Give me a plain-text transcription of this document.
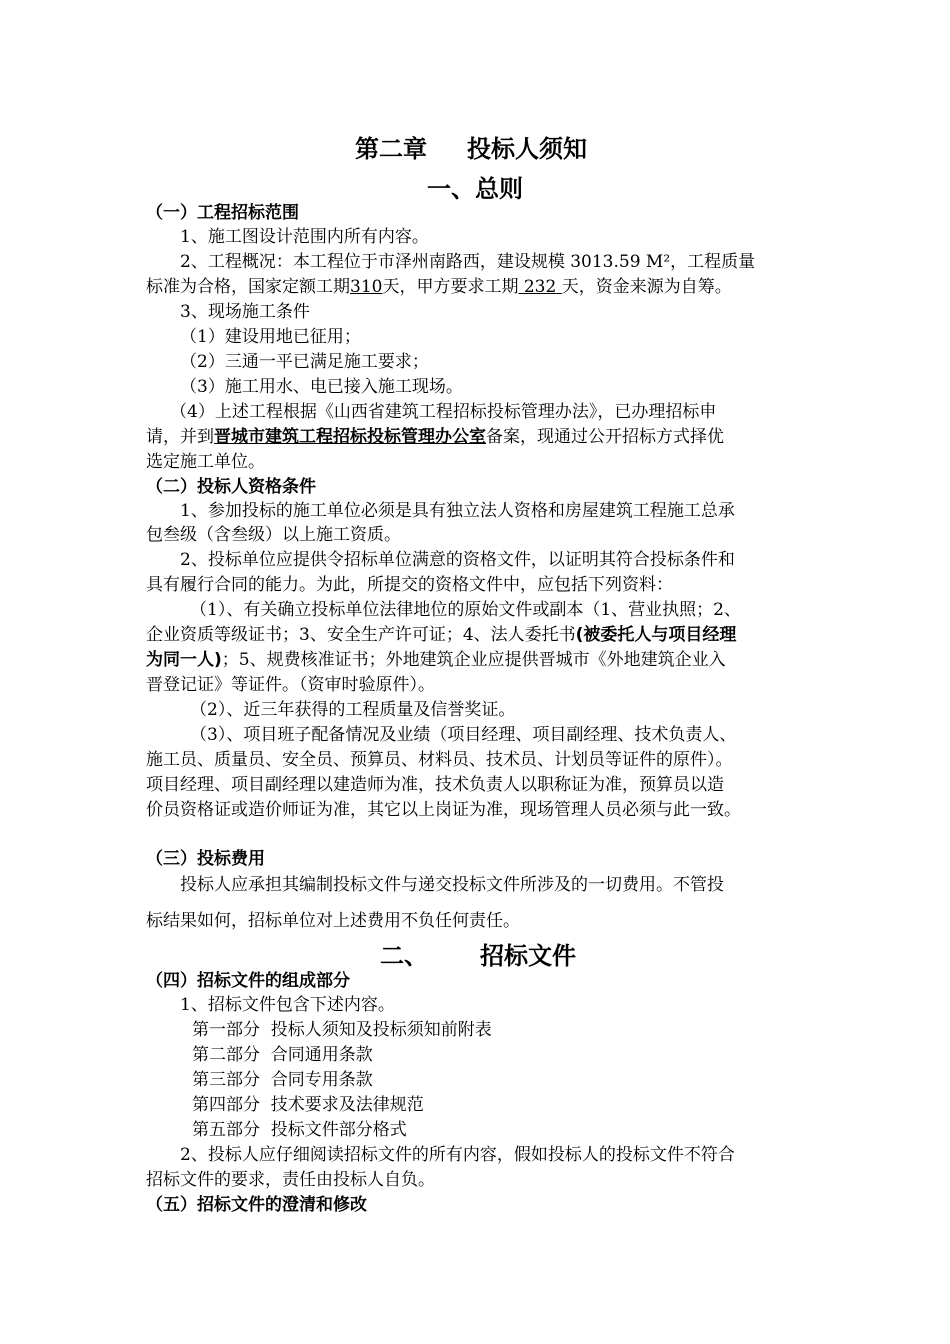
第二章 投标人须知
一、总则
（一）工程招标范围
1、施工图设计范围内所有内容。
2、工程概况：本工程位于市泽州南路西，建设规模 3013.59 M²，工程质量
标准为合格，国家定额工期310天，甲方要求工期 232 天，资金来源为自筹。
3、现场施工条件
（1）建设用地已征用；
（2）三通一平已满足施工要求；
（3）施工用水、电已接入施工现场。
（4）上述工程根据《山西省建筑工程招标投标管理办法》，已办理招标申
请，并到晋城市建筑工程招标投标管理办公室备案，现通过公开招标方式择优
选定施工单位。
（二）投标人资格条件
1、参加投标的施工单位必须是具有独立法人资格和房屋建筑工程施工总承
包叁级（含叁级）以上施工资质。
2、投标单位应提供令招标单位满意的资格文件，以证明其符合投标条件和
具有履行合同的能力。为此，所提交的资格文件中，应包括下列资料：
（1）、有关确立投标单位法律地位的原始文件或副本（1、营业执照；2、
企业资质等级证书；3、安全生产许可证；4、法人委托书(被委托人与项目经理
为同一人)；5、规费核准证书；外地建筑企业应提供晋城市《外地建筑企业入
晋登记证》等证件。（资审时验原件）。
（2）、近三年获得的工程质量及信誉奖证。
（3）、项目班子配备情况及业绩（项目经理、项目副经理、技术负责人、
施工员、质量员、安全员、预算员、材料员、技术员、计划员等证件的原件）。
项目经理、项目副经理以建造师为准，技术负责人以职称证为准，预算员以造
价员资格证或造价师证为准，其它以上岗证为准，现场管理人员必须与此一致。
（三）投标费用
投标人应承担其编制投标文件与递交投标文件所涉及的一切费用。不管投
标结果如何，招标单位对上述费用不负任何责任。
二、 招标文件
（四）招标文件的组成部分
1、招标文件包含下述内容。
第一部分  投标人须知及投标须知前附表
第二部分  合同通用条款
第三部分  合同专用条款
第四部分  技术要求及法律规范
第五部分  投标文件部分格式
2、投标人应仔细阅读招标文件的所有内容，假如投标人的投标文件不符合
招标文件的要求，责任由投标人自负。
（五）招标文件的澄清和修改
